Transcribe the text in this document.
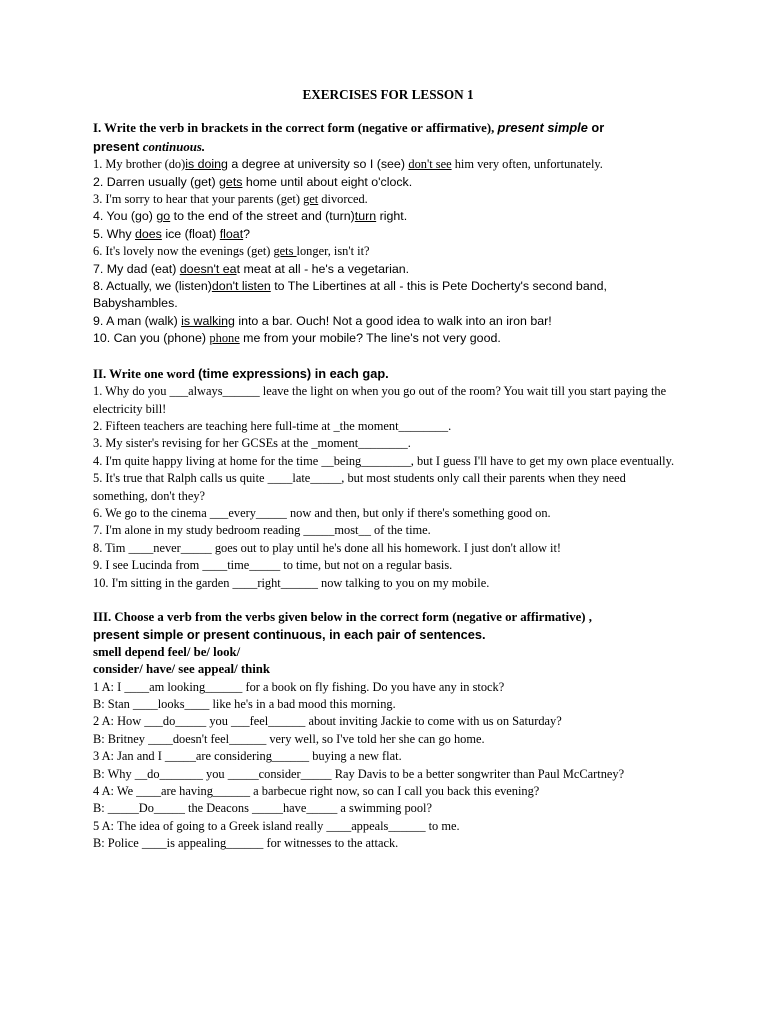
EXERCISES FOR LESSON 1
I. Write the verb in brackets in the correct form (negative or affirmative), present simple or
present continuous.
1. My brother (do)is doing a degree at university so I (see) don't see him very often, unfortunately.
2. Darren usually (get) gets home until about eight o'clock.
3. I'm sorry to hear that your parents (get) get divorced.
4. You (go) go to the end of the street and (turn)turn right.
5. Why does ice (float) float?
6. It's lovely now the evenings (get) gets longer, isn't it?
7. My dad (eat) doesn't eat meat at all - he's a vegetarian.
8. Actually, we (listen)don't listen to The Libertines at all - this is Pete Docherty's second band, Babyshambles.
9. A man (walk) is walking into a bar. Ouch! Not a good idea to walk into an iron bar!
10. Can you (phone) phone me from your mobile? The line's not very good.
II. Write one word (time expressions) in each gap.
1. Why do you ___always______ leave the light on when you go out of the room? You wait till you start paying the electricity bill!
2. Fifteen teachers are teaching here full-time at _the moment________.
3. My sister's revising for her GCSEs at the _moment________.
4. I'm quite happy living at home for the time __being________, but I guess I'll have to get my own place eventually.
5. It's true that Ralph calls us quite ____late_____, but most students only call their parents when they need something, don't they?
6. We go to the cinema ___every_____ now and then, but only if there's something good on.
7. I'm alone in my study bedroom reading _____most__ of the time.
8. Tim ____never_____ goes out to play until he's done all his homework. I just don't allow it!
9. I see Lucinda from ____time_____ to time, but not on a regular basis.
10. I'm sitting in the garden ____right______ now talking to you on my mobile.
III. Choose a verb from the verbs given below in the correct form (negative or affirmative) ,
present simple or present continuous, in each pair of sentences.
smell depend feel/ be/ look/
consider/ have/ see appeal/ think
1 A: I ____am looking______ for a book on fly fishing. Do you have any in stock?
B: Stan ____looks____ like he's in a bad mood this morning.
2 A: How ___do_____ you ___feel______ about inviting Jackie to come with us on Saturday?
B: Britney ____doesn't feel______ very well, so I've told her she can go home.
3 A: Jan and I _____are considering______ buying a new flat.
B: Why __do_______ you _____consider_____ Ray Davis to be a better songwriter than Paul McCartney?
4 A: We ____are having______ a barbecue right now, so can I call you back this evening?
B: _____Do_____ the Deacons _____have_____ a swimming pool?
5 A: The idea of going to a Greek island really ____appeals______ to me.
B: Police ____is appealing______ for witnesses to the attack.
